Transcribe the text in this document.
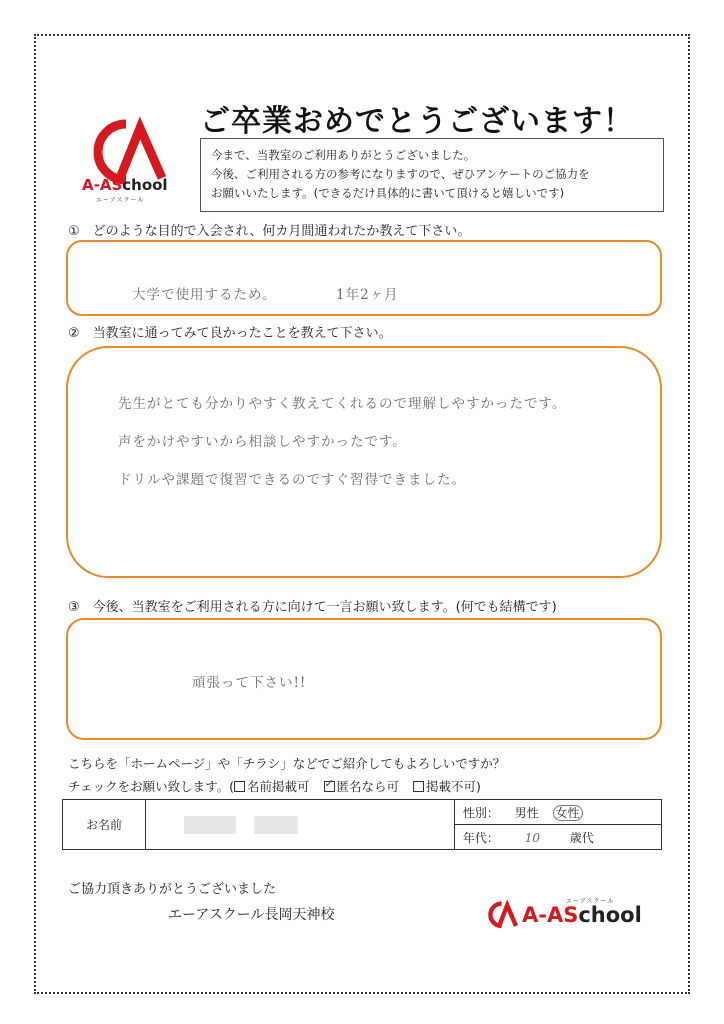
A-ASchool
エーアスクール
ご卒業おめでとうございます！
今まで、当教室のご利用ありがとうございました。
今後、ご利用される方の参考になりますので、ぜひアンケートのご協力を
お願いいたします。(できるだけ具体的に書いて頂けると嬉しいです)
①　どのような目的で入会され、何カ月間通われたか教えて下さい。
大学で使用するため。	1年2ヶ月
②　当教室に通ってみて良かったことを教えて下さい。
先生がとても分かりやすく教えてくれるので理解しやすかったです。
声をかけやすいから相談しやすかったです。
ドリルや課題で復習できるのですぐ習得できました。
③　今後、当教室をご利用される方に向けて一言お願い致します。(何でも結構です)
頑張って下さい!!
こちらを「ホームページ」や「チラシ」などでご紹介してもよろしいですか？
チェックをお願い致します。( 名前掲載可 ✓ 匿名なら可 掲載不可)
お名前		性別： 男性 女性
年代： 10 歳代
ご協力頂きありがとうございました
エーアスクール長岡天神校
エーアスクール
A-ASchool
